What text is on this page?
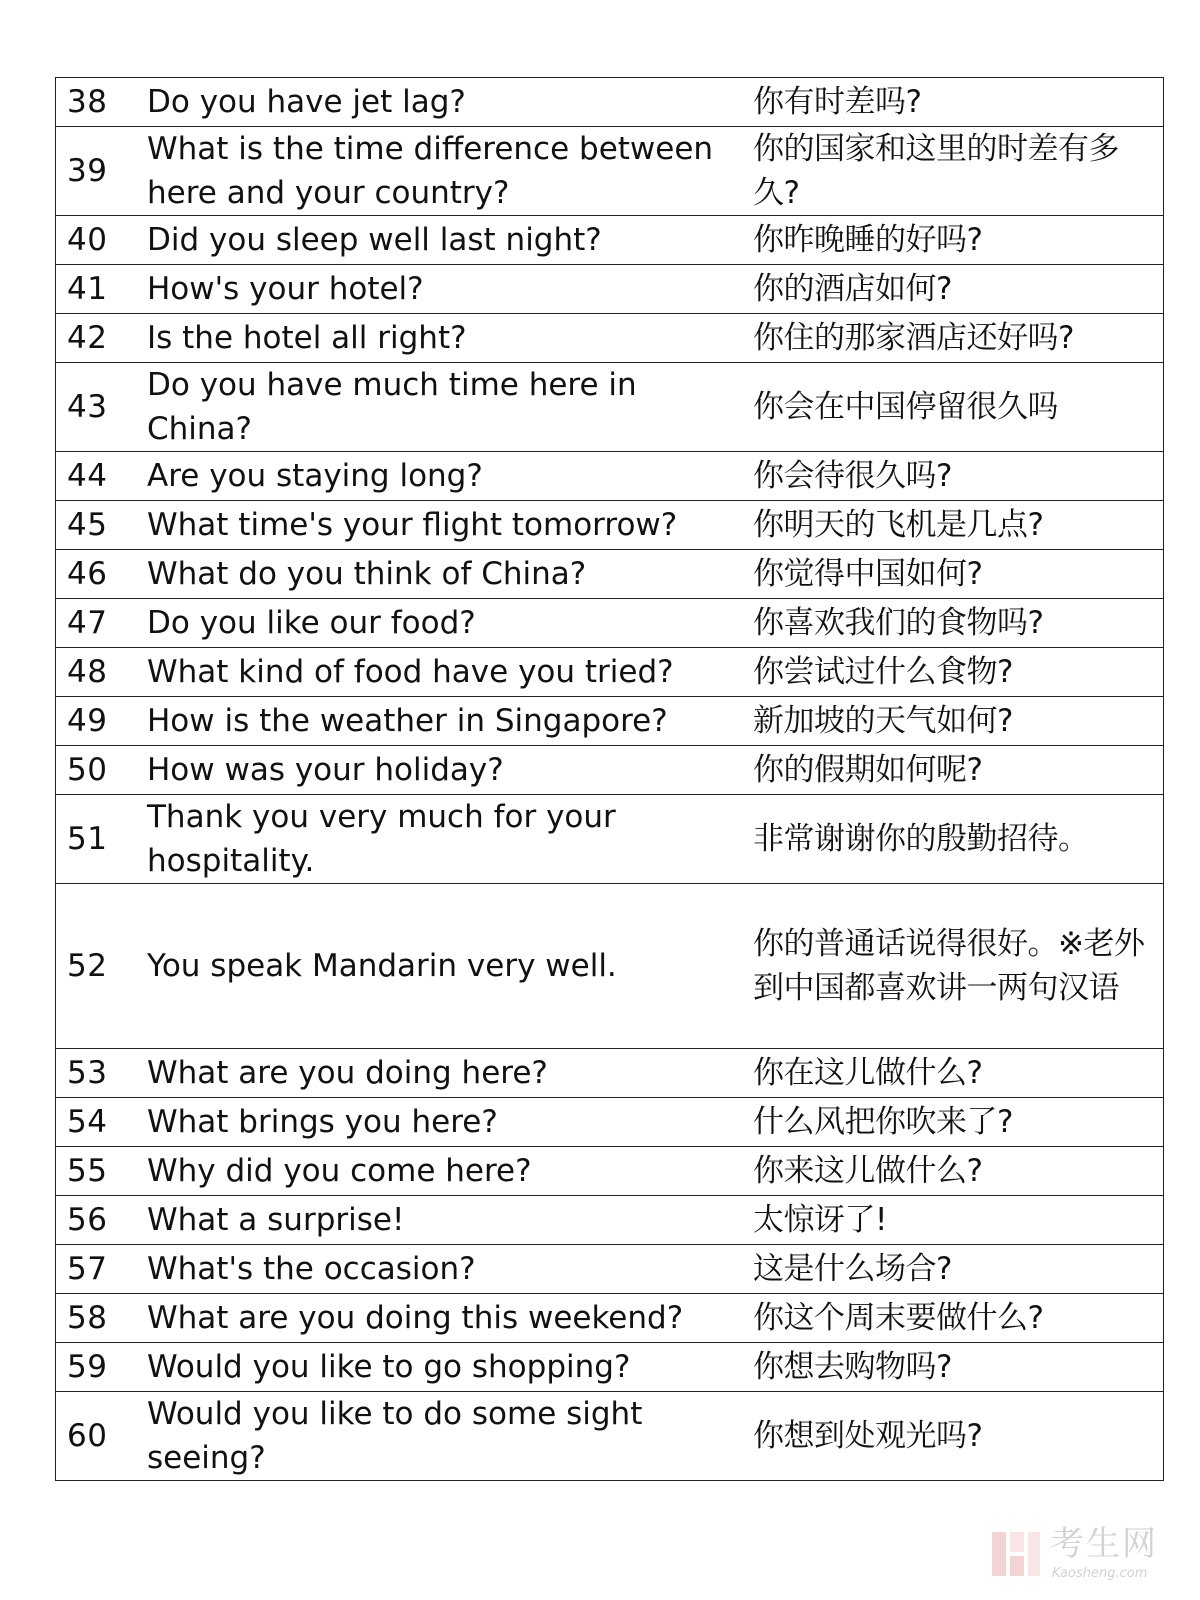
38	Do you have jet lag?	你有时差吗?
39	What is the time difference between here and your country?	你的国家和这里的时差有多久?
40	Did you sleep well last night?	你昨晚睡的好吗?
41	How's your hotel?	你的酒店如何?
42	Is the hotel all right?	你住的那家酒店还好吗?
43	Do you have much time here in China?	你会在中国停留很久吗
44	Are you staying long?	你会待很久吗?
45	What time's your flight tomorrow?	你明天的飞机是几点?
46	What do you think of China?	你觉得中国如何?
47	Do you like our food?	你喜欢我们的食物吗?
48	What kind of food have you tried?	你尝试过什么食物?
49	How is the weather in Singapore?	新加坡的天气如何?
50	How was your holiday?	你的假期如何呢?
51	Thank you very much for your hospitality.	非常谢谢你的殷勤招待。
52	You speak Mandarin very well.	你的普通话说得很好。※老外到中国都喜欢讲一两句汉语
53	What are you doing here?	你在这儿做什么?
54	What brings you here?	什么风把你吹来了?
55	Why did you come here?	你来这儿做什么?
56	What a surprise!	太惊讶了!
57	What's the occasion?	这是什么场合?
58	What are you doing this weekend?	你这个周末要做什么?
59	Would you like to go shopping?	你想去购物吗?
60	Would you like to do some sight seeing?	你想到处观光吗?
考生网
Kaosheng.com
